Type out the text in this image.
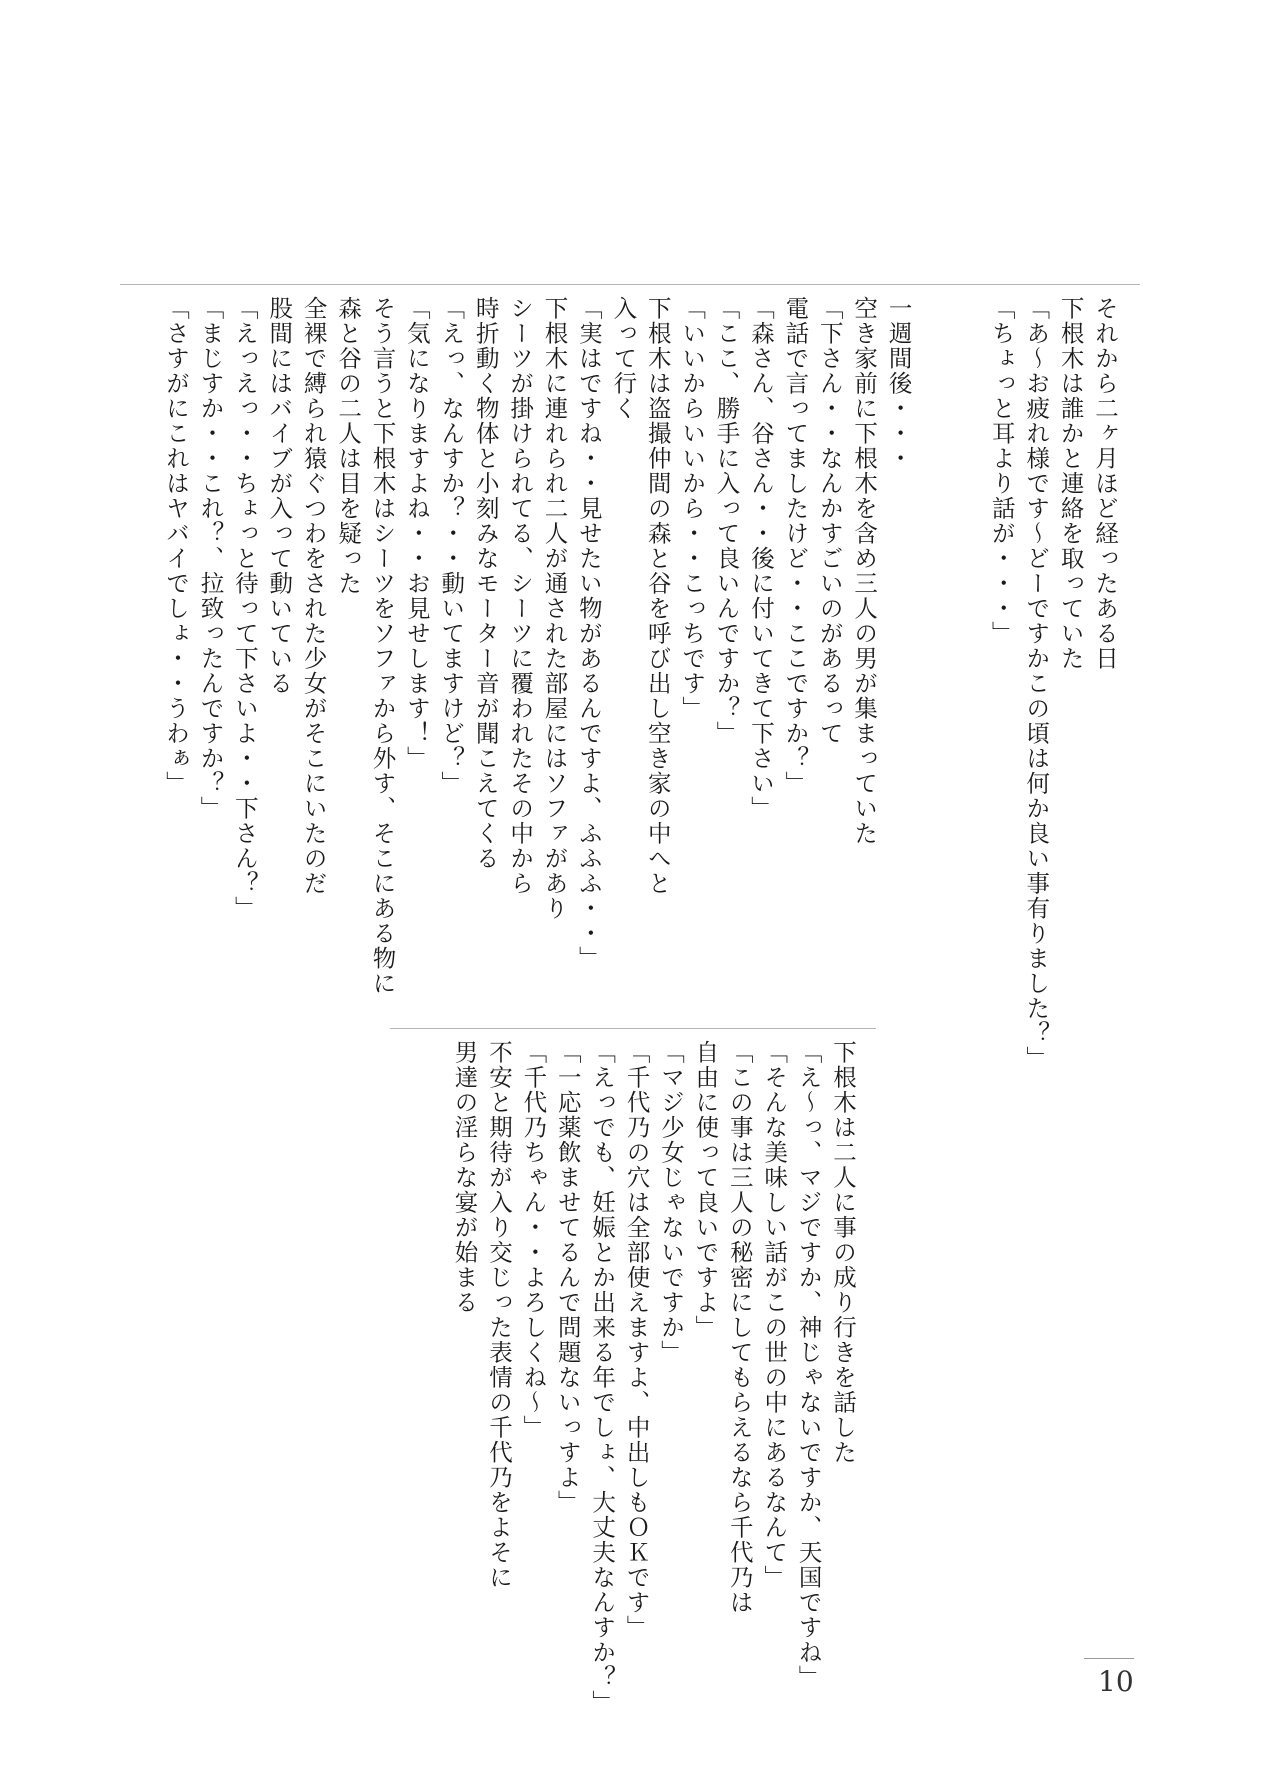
それから二ヶ月ほど経ったある日

下根木は誰かと連絡を取っていた

「あ～お疲れ様です～どーですかこの頃は何か良い事有りました？」

「ちょっと耳より話が・・・」

一週間後・・・

空き家前に下根木を含め三人の男が集まっていた

「下さん・・なんかすごいのがあるって

電話で言ってましたけど・・ここですか？」

「森さん、谷さん・・後に付いてきて下さい」

「ここ、勝手に入って良いんですか？」

「いいからいいから・・こっちです」

下根木は盗撮仲間の森と谷を呼び出し空き家の中へと

入って行く

「実はですね・・見せたい物があるんですよ、ふふふ・・」

下根木に連れられ二人が通された部屋にはソファがあり

シーツが掛けられてる、シーツに覆われたその中から

時折動く物体と小刻みなモーター音が聞こえてくる

「えっ、なんすか？・・動いてますけど？」

「気になりますよね・・お見せします！」

そう言うと下根木はシーツをソファから外す、そこにある物に

森と谷の二人は目を疑った

全裸で縛られ猿ぐつわをされた少女がそこにいたのだ

股間にはバイブが入って動いている

「えっえっ・・ちょっと待って下さいよ・・下さん？」

「まじすか・・これ？、拉致ったんですか？」

「さすがにこれはヤバイでしょ・・うわぁ」

下根木は二人に事の成り行きを話した

「え～っ、マジですか、神じゃないですか、天国ですね」

「そんな美味しい話がこの世の中にあるなんて」

「この事は三人の秘密にしてもらえるなら千代乃は

自由に使って良いですよ」

「マジ少女じゃないですか」

「千代乃の穴は全部使えますよ、中出しもＯＫです」

「えっでも、妊娠とか出来る年でしょ、大丈夫なんすか？」

「一応薬飲ませてるんで問題ないっすよ」

「千代乃ちゃん・・よろしくね～」

不安と期待が入り交じった表情の千代乃をよそに

男達の淫らな宴が始まる

10
